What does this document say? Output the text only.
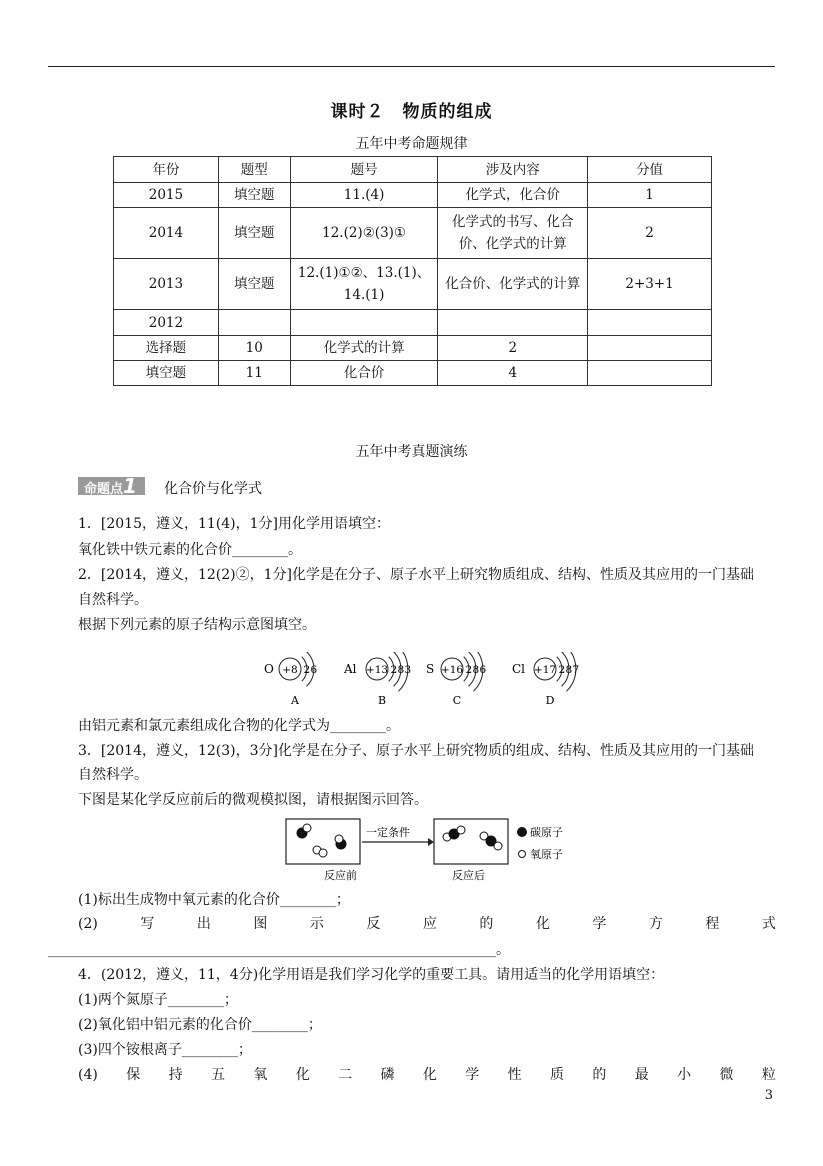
课时２　物质的组成
五年中考命题规律
年份	题型	题号	涉及内容	分值
2015	填空题	11.(4)	化学式，化合价	1
2014	填空题	12.(2)②(3)①	化学式的书写、化合价、化学式的计算	2
2013	填空题	12.(1)①②、13.(1)、14.(1)	化合价、化学式的计算	2+3+1
2012				
选择题	10	化学式的计算	2	
填空题	11	化合价	4	
五年中考真题演练
命题点1	化合价与化学式
1．[2015，遵义，11(4)，1分]用化学用语填空：
氧化铁中铁元素的化合价________。
2．[2014，遵义，12(2)②，1分]化学是在分子、原子水平上研究物质组成、结构、性质及其应用的一门基础
自然科学。
根据下列元素的原子结构示意图填空。
O +8 2 6
A
Al +13 2 8 3
B
S +16 2 8 6
C
Cl +17 2 8 7
D
由铝元素和氯元素组成化合物的化学式为________。
3．[2014，遵义，12(3)，3分]化学是在分子、原子水平上研究物质的组成、结构、性质及其应用的一门基础
自然科学。
下图是某化学反应前后的微观模拟图，请根据图示回答。
一定条件
反应前	反应后
碳原子
氧原子
(1)标出生成物中氧元素的化合价________；
(2)	写	出	图	示	反	应	的	化	学	方	程	式
________________________________________________________________。
4．(2012，遵义，11，4分)化学用语是我们学习化学的重要工具。请用适当的化学用语填空：
(1)两个氮原子________；
(2)氧化铝中铝元素的化合价________；
(3)四个铵根离子________；
(4) 保 持 五 氧 化 二 磷 化 学 性 质 的 最 小 微 粒
3
